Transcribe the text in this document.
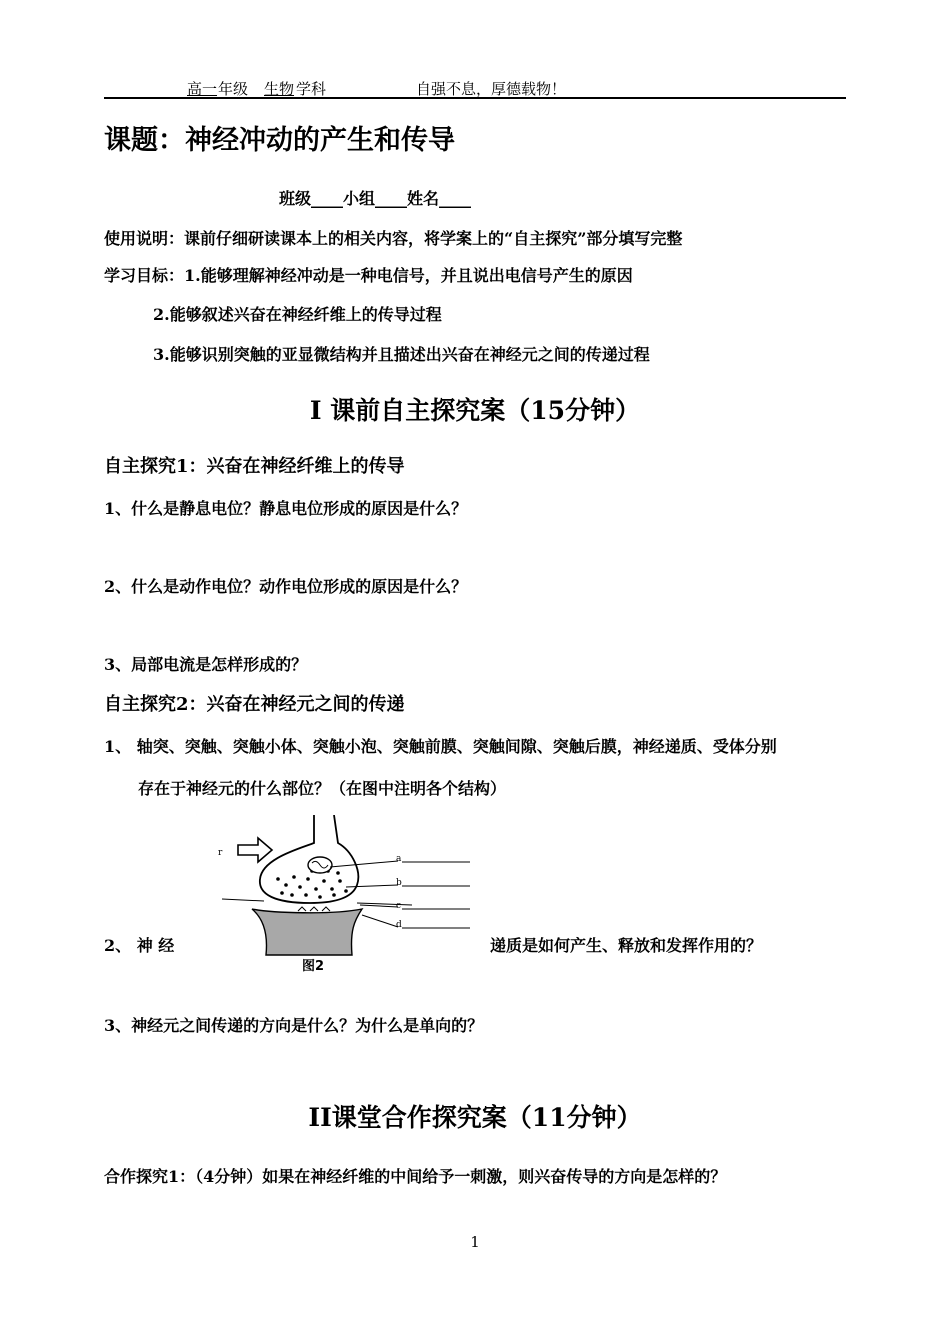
高一 年级 生物 学科	自强不息，厚德载物！
课题：神经冲动的产生和传导
班级____小组____姓名____
使用说明：课前仔细研读课本上的相关内容，将学案上的“自主探究”部分填写完整
学习目标：1.能够理解神经冲动是一种电信号，并且说出电信号产生的原因
2.能够叙述兴奋在神经纤维上的传导过程
3.能够识别突触的亚显微结构并且描述出兴奋在神经元之间的传递过程
I 课前自主探究案（15分钟）
自主探究1：兴奋在神经纤维上的传导
1、什么是静息电位？静息电位形成的原因是什么？
2、什么是动作电位？动作电位形成的原因是什么？
3、局部电流是怎样形成的？
自主探究2：兴奋在神经元之间的传递
1、 轴突、突触、突触小体、突触小泡、突触前膜、突触间隙、突触后膜，神经递质、受体分别
存在于神经元的什么部位？（在图中注明各个结构）
r
a
b
c
d
图2
2、 神 经	递质是如何产生、释放和发挥作用的？
3、神经元之间传递的方向是什么？为什么是单向的？
II课堂合作探究案（11分钟）
合作探究1：（4分钟）如果在神经纤维的中间给予一刺激，则兴奋传导的方向是怎样的？
1
